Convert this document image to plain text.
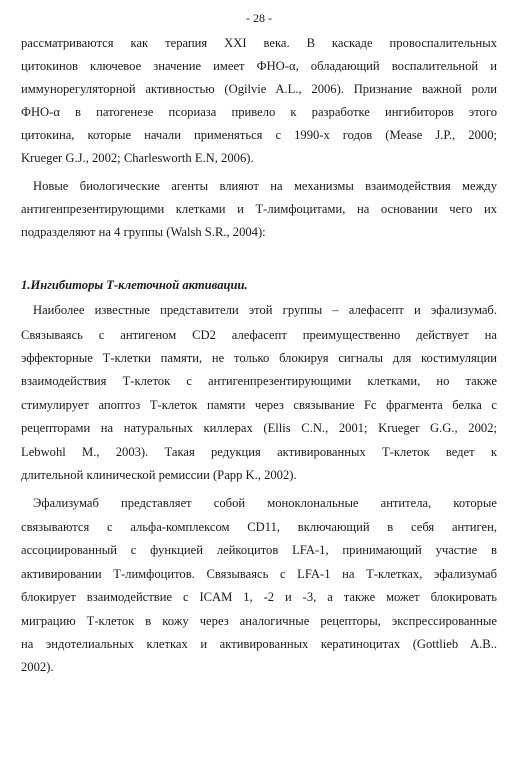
- 28 -
рассматриваются как терапия XXI века. В каскаде провоспалительных
цитокинов ключевое значение имеет ФНО-α, обладающий воспалительной и
иммунорегуляторной активностью (Ogilvie A.L., 2006). Признание важной роли
ФНО-α в патогенезе псориаза привело к разработке ингибиторов этого
цитокина, которые начали применяться с 1990-х годов (Mease J.P., 2000;
Krueger G.J., 2002; Charlesworth E.N, 2006).
Новые биологические агенты влияют на механизмы взаимодействия между
антигенпрезентирующими клетками и Т-лимфоцитами, на основании чего их
подразделяют на 4 группы (Walsh S.R., 2004):
1.Ингибиторы Т-клеточной активации.
Наиболее известные представители этой группы – алефасепт и эфализумаб.
Связываясь с антигеном CD2 алефасепт преимущественно действует на
эффекторные Т-клетки памяти, не только блокируя сигналы для костимуляции
взаимодействия Т-клеток с антигенпрезентирующими клетками, но также
стимулирует апоптоз Т-клеток памяти через связывание Fc фрагмента белка с
рецепторами на натуральных киллерах (Ellis C.N., 2001; Krueger G.G., 2002;
Lebwohl M., 2003). Такая редукция активированных Т-клеток ведет к
длительной клинической ремиссии (Papp K., 2002).
Эфализумаб представляет собой моноклональные антитела, которые
связываются с альфа-комплексом CD11, включающий в себя антиген,
ассоциированный с функцией лейкоцитов LFA-1, принимающий участие в
активировании Т-лимфоцитов. Связываясь с LFA-1 на Т-клетках, эфализумаб
блокирует взаимодействие с ICAM 1, -2 и -3, а также может блокировать
миграцию Т-клеток в кожу через аналогичные рецепторы, экспрессированные
на эндотелиальных клетках и активированных кератиноцитах (Gottlieb A.B..
2002).
